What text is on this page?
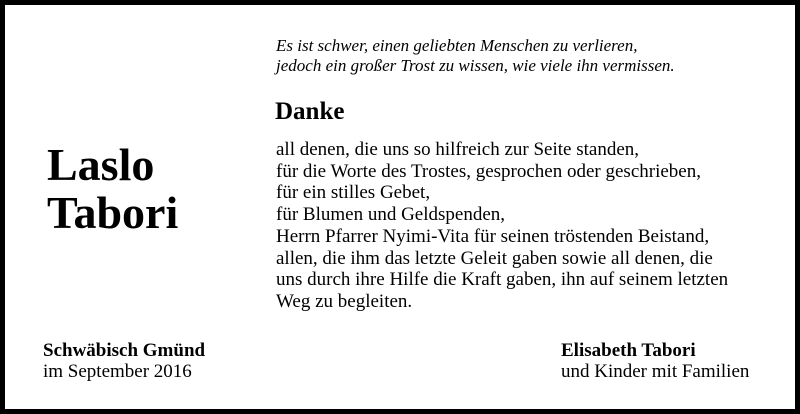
Es ist schwer, einen geliebten Menschen zu verlieren,
jedoch ein großer Trost zu wissen, wie viele ihn vermissen.
Laslo
Tabori
Danke
all denen, die uns so hilfreich zur Seite standen,
für die Worte des Trostes, gesprochen oder geschrieben,
für ein stilles Gebet,
für Blumen und Geldspenden,
Herrn Pfarrer Nyimi-Vita für seinen tröstenden Beistand,
allen, die ihm das letzte Geleit gaben sowie all denen, die
uns durch ihre Hilfe die Kraft gaben, ihn auf seinem letzten
Weg zu begleiten.
Schwäbisch Gmünd
im September 2016
Elisabeth Tabori
und Kinder mit Familien
